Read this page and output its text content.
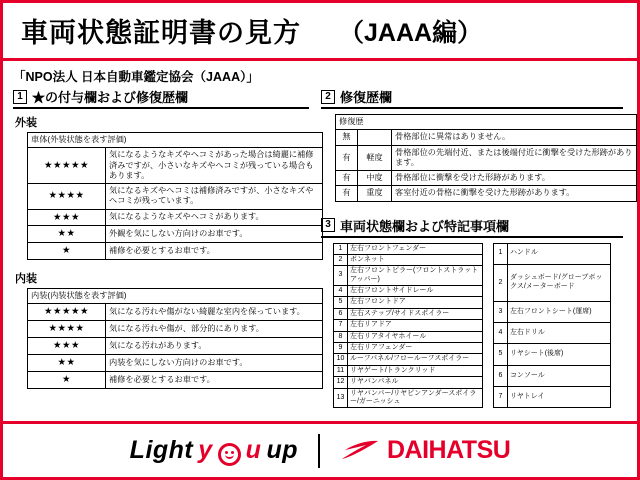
車両状態証明書の見方 （JAAA編）
「NPO法人 日本自動車鑑定協会（JAAA）」
1 ★の付与欄および修復歴欄
外装
車体(外装状態を表す評価)	
★★★★★	気になるようなキズやヘコミがあった場合は綺麗に補修済みですが、小さいなキズやヘコミが残っている場合もあります。
★★★★	気になるキズやヘコミは補修済みですが、小さなキズやヘコミが残っています。
★★★	気になるようなキズやヘコミがあります。
★★	外観を気にしない方向けのお車です。
★	補修を必要とするお車です。
内装
内装(内装状態を表す評価)	
★★★★★	気になる汚れや傷がない綺麗な室内を保っています。
★★★★	気になる汚れや傷が、部分的にあります。
★★★	気になる汚れがあります。
★★	内装を気にしない方向けのお車です。
★	補修を必要とするお車です。
2 修復歴欄
修復歴		
無		骨格部位に異常はありません。
有	軽度	骨格部位の先端付近、または後端付近に衝撃を受けた形跡があります。
有	中度	骨格部位に衝撃を受けた形跡があります。
有	重度	客室付近の骨格に衝撃を受けた形跡があります。
3 車両状態欄および特記事項欄
1	左右フロントフェンダー
2	ボンネット
3	左右フロントピラー(フロントストラットアッパー)
4	左右フロントサイドレール
5	左右フロントドア
6	左右ステップ/サイドスポイラー
7	左右リアドア
8	左右リアタイヤホイール
9	左右リアフェンダー
10	ルーフパネル/フロールーフスポイラー
11	リヤゲート/トランクリッド
12	リヤバンパネル
13	リヤバンパー/リヤピンアンダースポイラー/ガーニッシュ
1	ハンドル
2	ダッシュボード/グローブボックス/メーターボード
3	左右フロントシート(運席)
4	左右ドリル
5	リヤシート(後席)
6	コンソール
7	リヤトレイ
Light y u up	DAIHATSU
